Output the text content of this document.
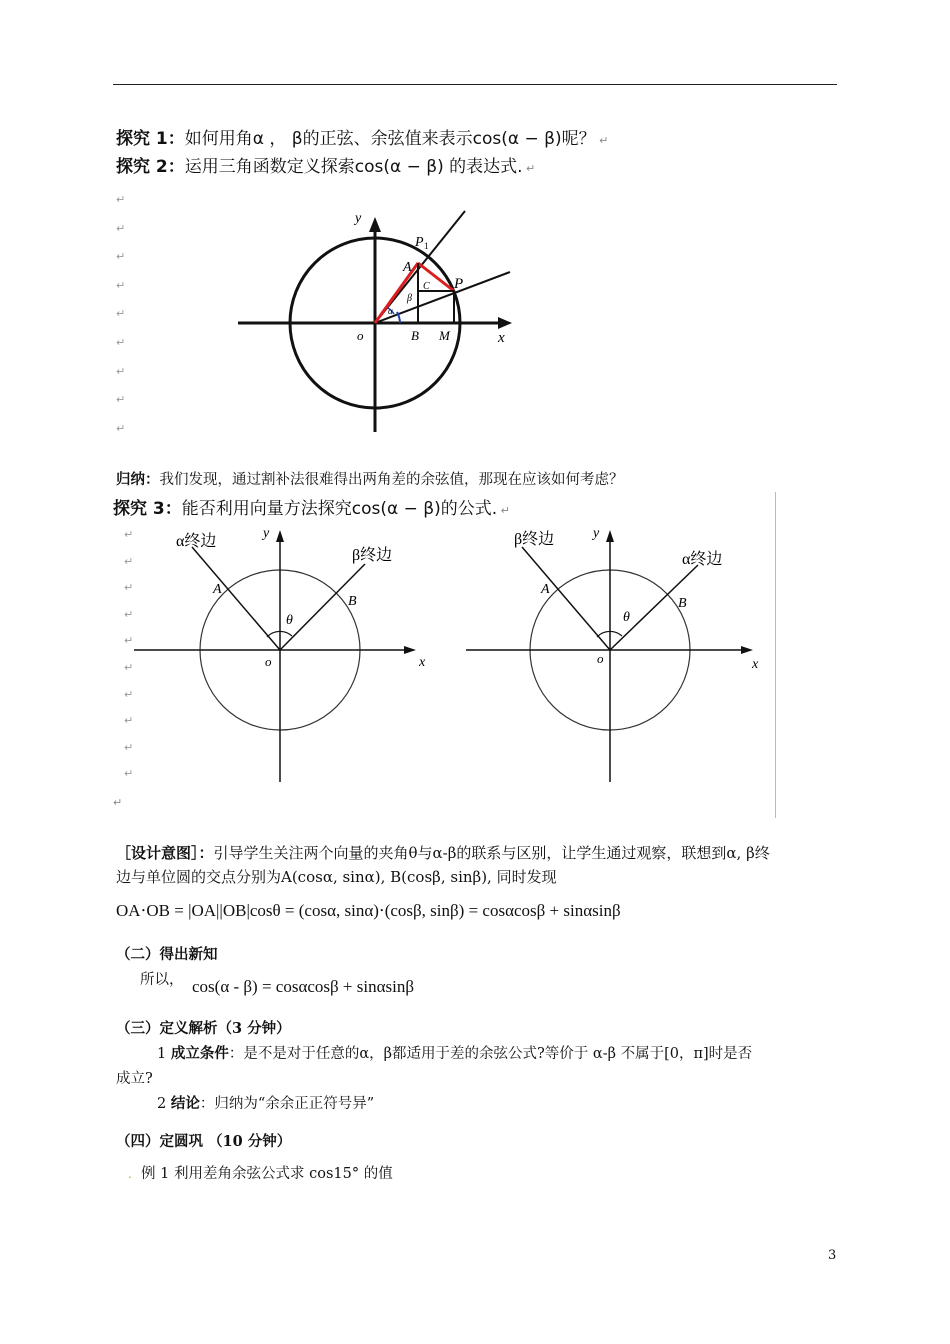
探究 1：如何用角α ， β的正弦、余弦值来表示cos(α − β)呢？ ↵
探究 2：运用三角函数定义探索cos(α − β) 的表达式. ↵
↵
↵
↵
↵
↵
↵
↵
↵
↵
y
x
o
P 1
A
P
C
β
α
B M
归纳：我们发现，通过割补法很难得出两角差的余弦值，那现在应该如何考虑？
探究 3：能否利用向量方法探究cos(α − β)的公式. ↵
↵
↵
↵
↵
↵
↵
↵
↵
↵
↵
↵
α终边
β终边
y
x
o
A
B
θ
β终边
α终边
y
x
o
A
B
θ
［设计意图］：引导学生关注两个向量的夹角θ与α-β的联系与区别，让学生通过观察，联想到α, β终
边与单位圆的交点分别为A(cosα, sinα), B(cosβ, sinβ), 同时发现
OA⋅OB = |OA||OB|cosθ = (cosα, sinα)⋅(cosβ, sinβ) = cosαcosβ + sinαsinβ
（二）得出新知
所以， cos(α - β) = cosαcosβ + sinαsinβ
（三）定义解析（3 分钟）
1 成立条件：是不是对于任意的α，β都适用于差的余弦公式?等价于 α-β 不属于[0，π]时是否
成立?
2 结论：归纳为“余余正正符号异”
（四）定圆巩 （10 分钟）
. 例 1 利用差角余弦公式求 cos15° 的值
3
